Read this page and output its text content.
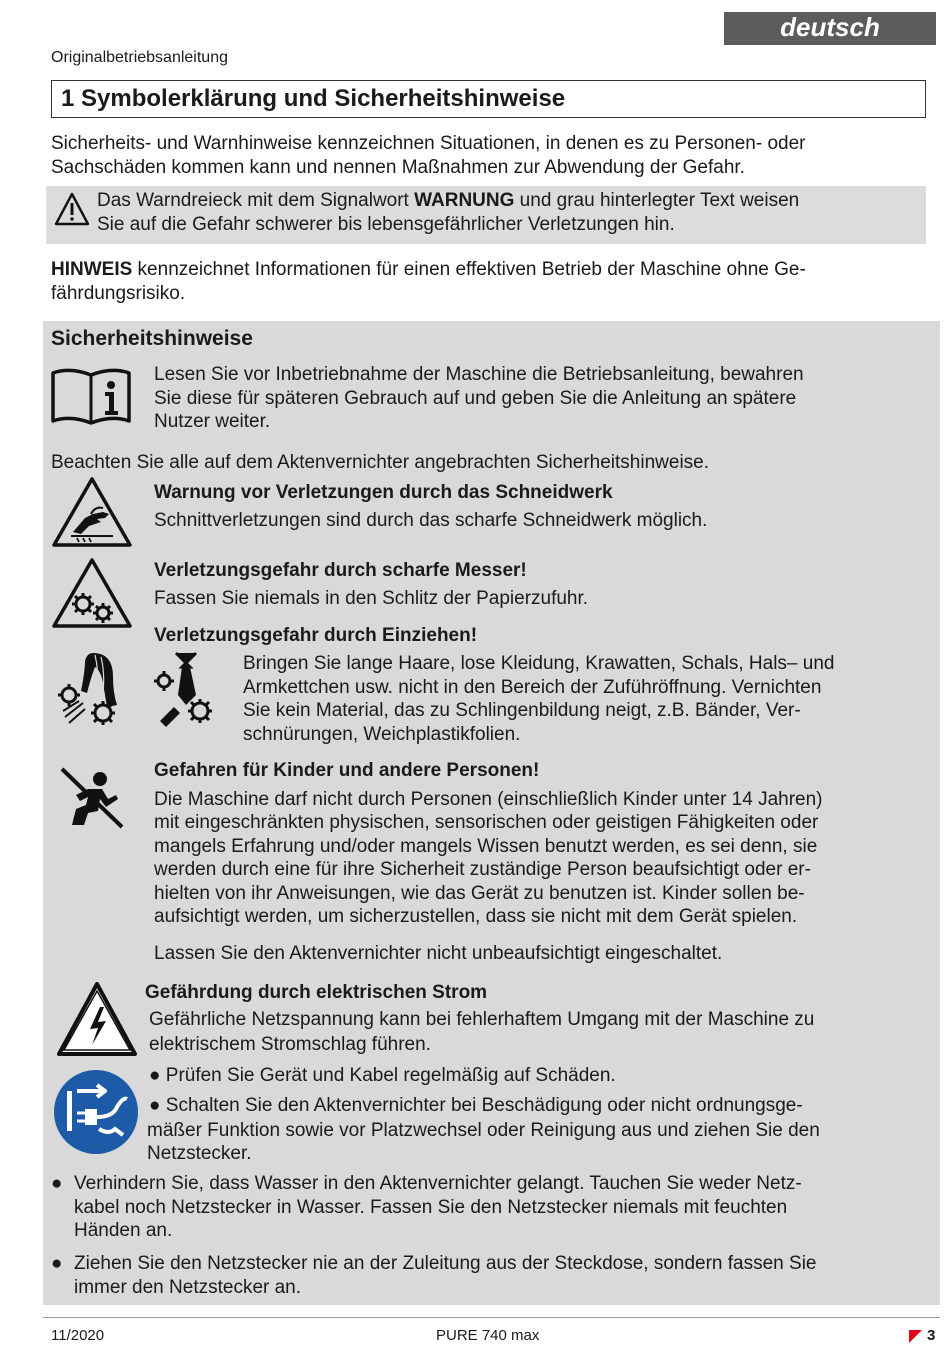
deutsch
Originalbetriebsanleitung
1 Symbolerklärung und Sicherheitshinweise
Sicherheits- und Warnhinweise kennzeichnen Situationen, in denen es zu Personen- oder
Sachschäden kommen kann und nennen Maßnahmen zur Abwendung der Gefahr.
Das Warndreieck mit dem Signalwort WARNUNG und grau hinterlegter Text weisen
Sie auf die Gefahr schwerer bis lebensgefährlicher Verletzungen hin.
HINWEIS kennzeichnet Informationen für einen effektiven Betrieb der Maschine ohne Ge-
fährdungsrisiko.
Sicherheitshinweise
Lesen Sie vor Inbetriebnahme der Maschine die Betriebsanleitung, bewahren
Sie diese für späteren Gebrauch auf und geben Sie die Anleitung an spätere
Nutzer weiter.
Beachten Sie alle auf dem Aktenvernichter angebrachten Sicherheitshinweise.
Warnung vor Verletzungen durch das Schneidwerk
Schnittverletzungen sind durch das scharfe Schneidwerk möglich.
Verletzungsgefahr durch scharfe Messer!
Fassen Sie niemals in den Schlitz der Papierzufuhr.
Verletzungsgefahr durch Einziehen!
Bringen Sie lange Haare, lose Kleidung, Krawatten, Schals, Hals– und
Armkettchen usw. nicht in den Bereich der Zuführöffnung. Vernichten
Sie kein Material, das zu Schlingenbildung neigt, z.B. Bänder, Ver-
schnürungen, Weichplastikfolien.
Gefahren für Kinder und andere Personen!
Die Maschine darf nicht durch Personen (einschließlich Kinder unter 14 Jahren)
mit eingeschränkten physischen, sensorischen oder geistigen Fähigkeiten oder
mangels Erfahrung und/oder mangels Wissen benutzt werden, es sei denn, sie
werden durch eine für ihre Sicherheit zuständige Person beaufsichtigt oder er-
hielten von ihr Anweisungen, wie das Gerät zu benutzen ist. Kinder sollen be-
aufsichtigt werden, um sicherzustellen, dass sie nicht mit dem Gerät spielen.
Lassen Sie den Aktenvernichter nicht unbeaufsichtigt eingeschaltet.
Gefährdung durch elektrischen Strom
Gefährliche Netzspannung kann bei fehlerhaftem Umgang mit der Maschine zu
elektrischem Stromschlag führen.
● Prüfen Sie Gerät und Kabel regelmäßig auf Schäden.
● Schalten Sie den Aktenvernichter bei Beschädigung oder nicht ordnungsge-
mäßer Funktion sowie vor Platzwechsel oder Reinigung aus und ziehen Sie den
Netzstecker.
● Verhindern Sie, dass Wasser in den Aktenvernichter gelangt. Tauchen Sie weder Netz-
kabel noch Netzstecker in Wasser. Fassen Sie den Netzstecker niemals mit feuchten
Händen an.
● Ziehen Sie den Netzstecker nie an der Zuleitung aus der Steckdose, sondern fassen Sie
immer den Netzstecker an.
11/2020	PURE 740 max	3
